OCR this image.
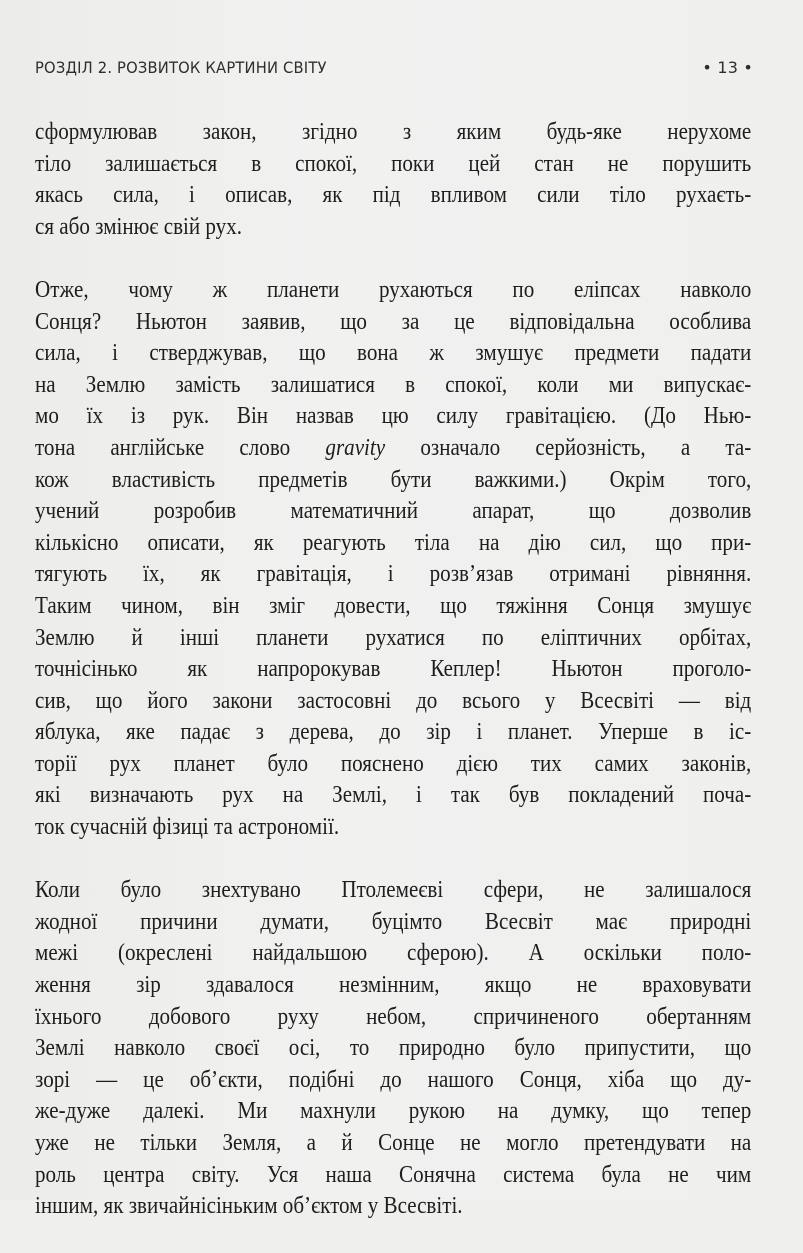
РОЗДІЛ 2. РОЗВИТОК КАРТИНИ СВІТУ	• 13 •

сформулював закон, згідно з яким будь-яке нерухоме
тіло залишається в спокої, поки цей стан не порушить
якась сила, і описав, як під впливом сили тіло рухаєть-
ся або змінює свій рух.

Отже, чому ж планети рухаються по еліпсах навколо
Сонця? Ньютон заявив, що за це відповідальна особлива
сила, і стверджував, що вона ж змушує предмети падати
на Землю замість залишатися в спокої, коли ми випускає-
мо їх із рук. Він назвав цю силу гравітацією. (До Нью-
тона англійське слово gravity означало серйозність, а та-
кож властивість предметів бути важкими.) Окрім того,
учений розробив математичний апарат, що дозволив
кількісно описати, як реагують тіла на дію сил, що при-
тягують їх, як гравітація, і розв’язав отримані рівняння.
Таким чином, він зміг довести, що тяжіння Сонця змушує
Землю й інші планети рухатися по еліптичних орбітах,
точнісінько як напророкував Кеплер! Ньютон проголо-
сив, що його закони застосовні до всього у Всесвіті — від
яблука, яке падає з дерева, до зір і планет. Уперше в іс-
торії рух планет було пояснено дією тих самих законів,
які визначають рух на Землі, і так був покладений поча-
ток сучасній фізиці та астрономії.

Коли було знехтувано Птолемеєві сфери, не залишалося
жодної причини думати, буцімто Всесвіт має природні
межі (окреслені найдальшою сферою). А оскільки поло-
ження зір здавалося незмінним, якщо не враховувати
їхнього добового руху небом, спричиненого обертанням
Землі навколо своєї осі, то природно було припустити, що
зорі — це об’єкти, подібні до нашого Сонця, хіба що ду-
же-дуже далекі. Ми махнули рукою на думку, що тепер
уже не тільки Земля, а й Сонце не могло претендувати на
роль центра світу. Уся наша Сонячна система була не чим
іншим, як звичайнісіньким об’єктом у Всесвіті.
